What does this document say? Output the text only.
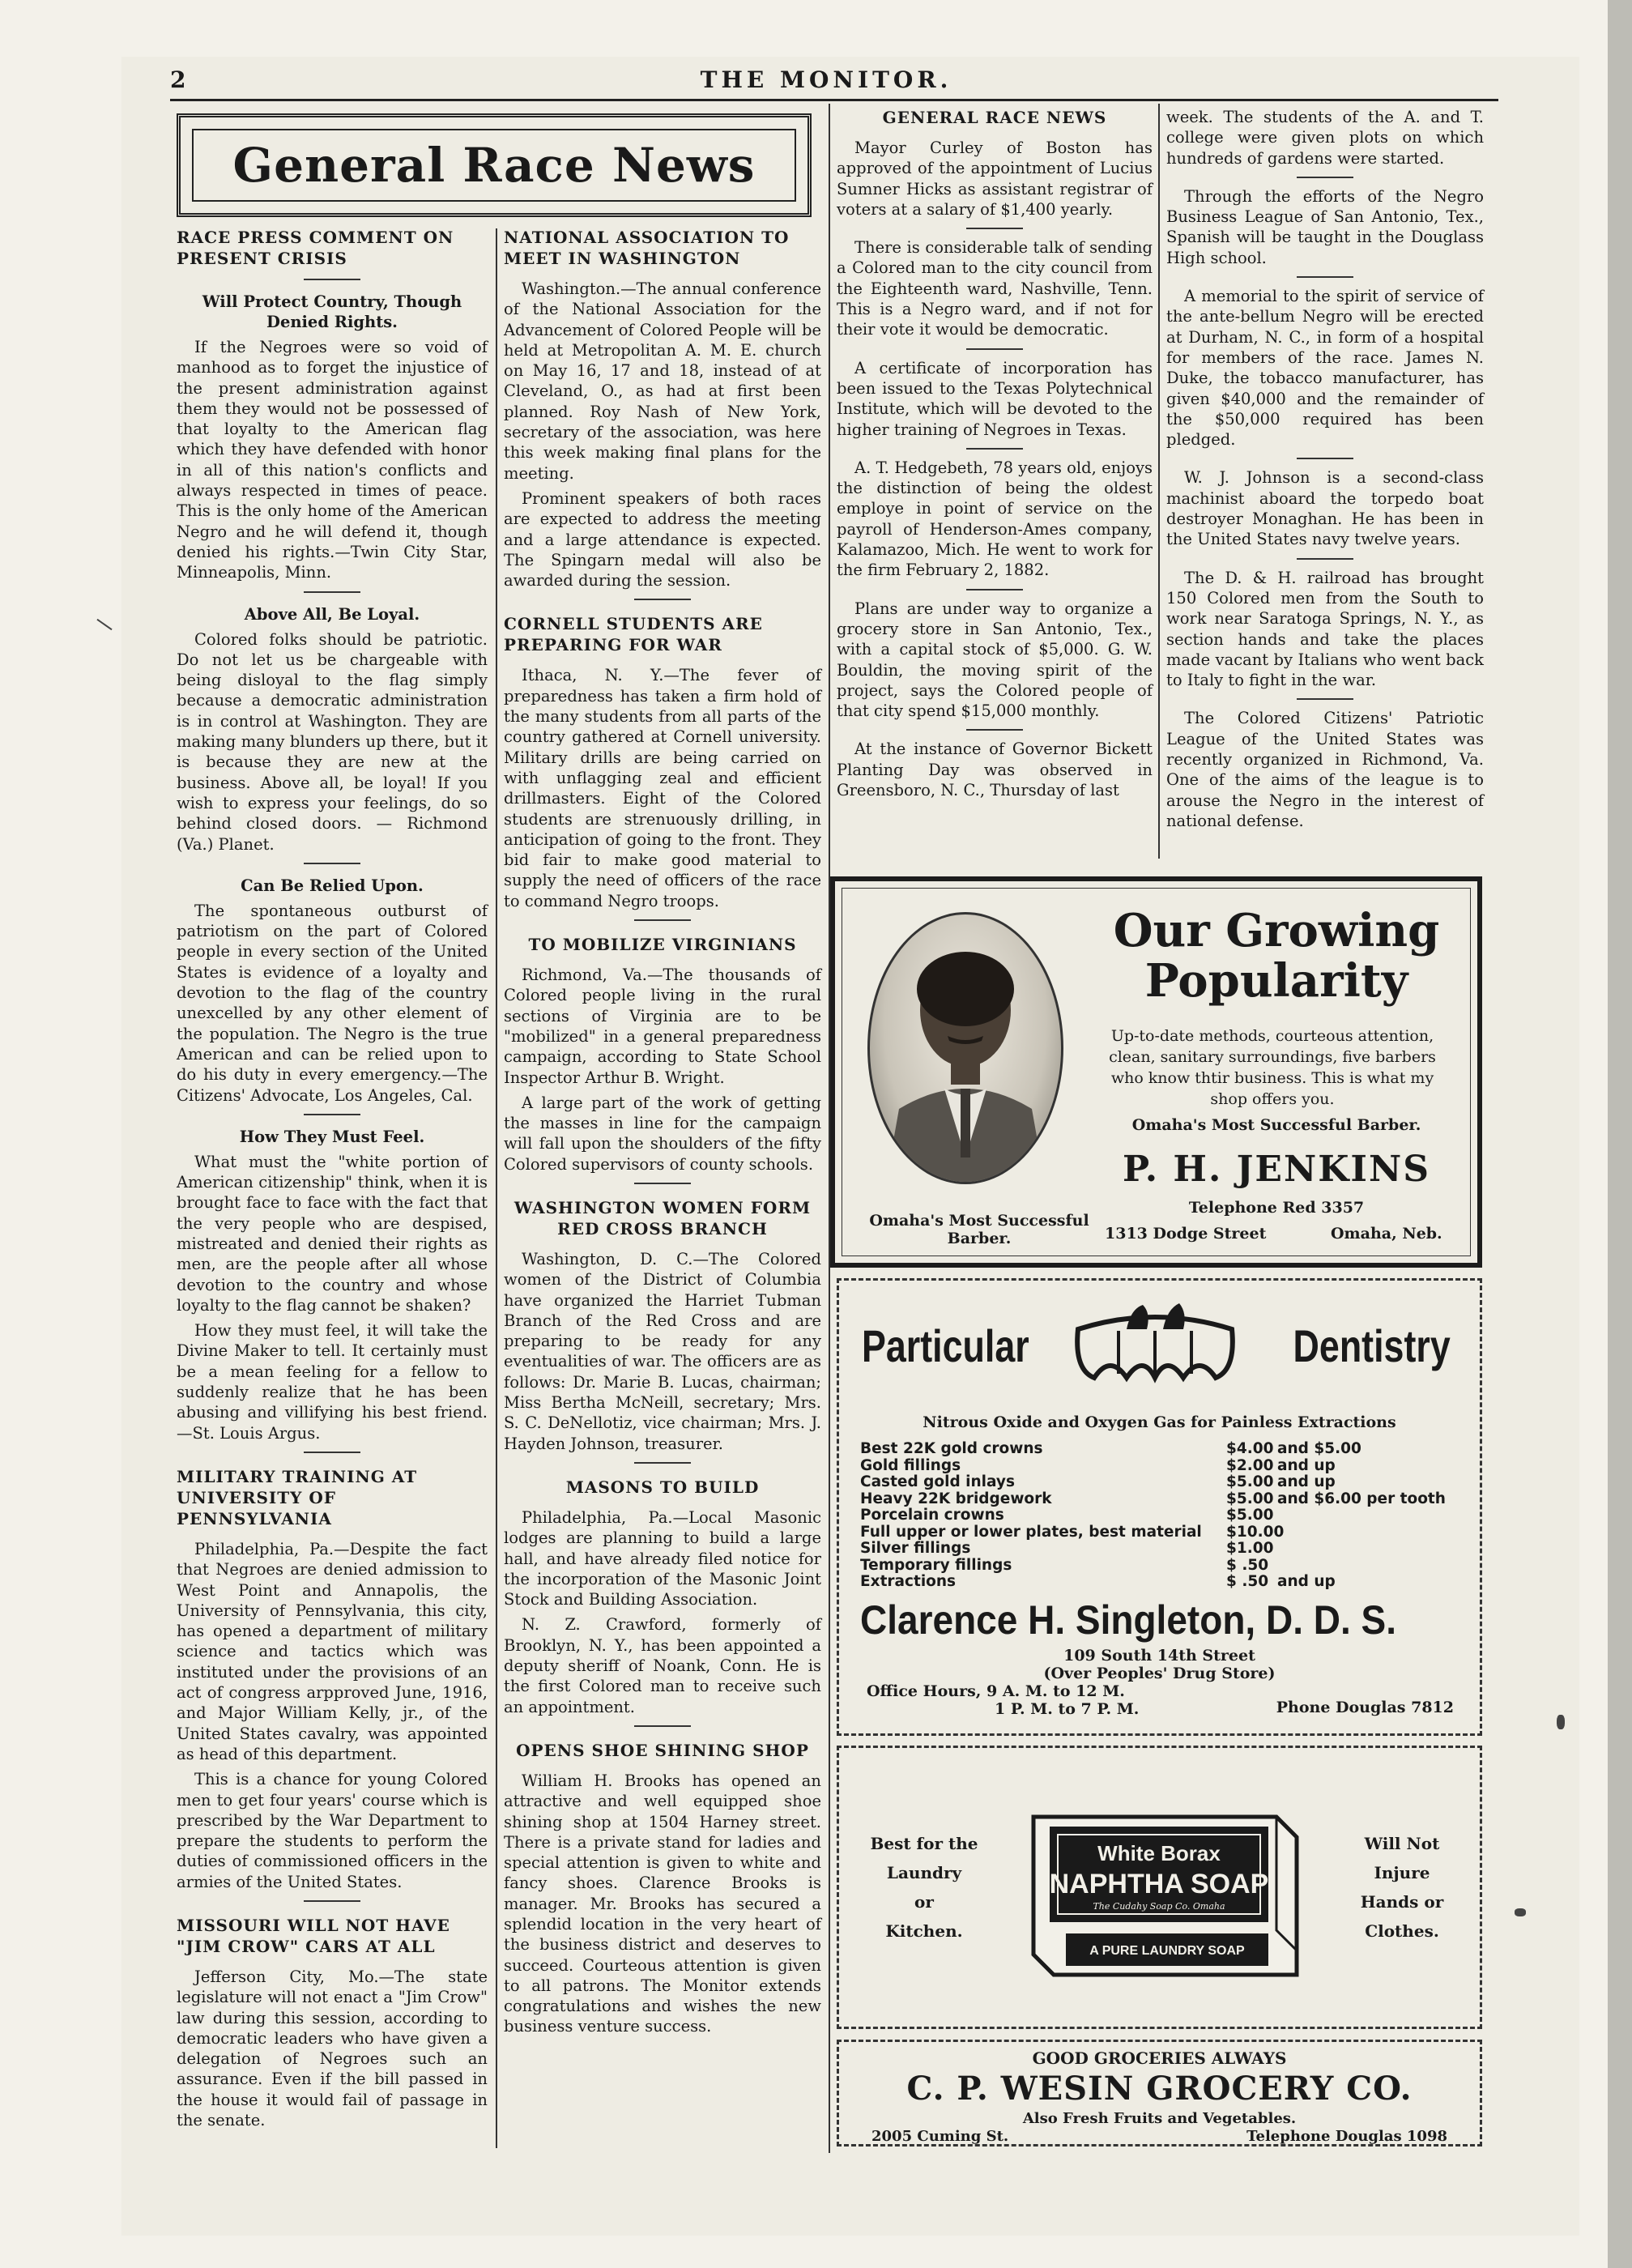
2	THE MONITOR.
General Race News
RACE PRESS COMMENT ON PRESENT CRISIS
Will Protect Country, Though Denied Rights.

If the Negroes were so void of manhood as to forget the injustice of the present administration against them they would not be possessed of that loyalty to the American flag which they have defended with honor in all of this nation's conflicts and always respected in times of peace. This is the only home of the American Negro and he will defend it, though denied his rights.—Twin City Star, Minneapolis, Minn.

Above All, Be Loyal.

Colored folks should be patriotic. Do not let us be chargeable with being disloyal to the flag simply because a democratic administration is in control at Washington. They are making many blunders up there, but it is because they are new at the business. Above all, be loyal! If you wish to express your feelings, do so behind closed doors. — Richmond (Va.) Planet.

Can Be Relied Upon.

The spontaneous outburst of patriotism on the part of Colored people in every section of the United States is evidence of a loyalty and devotion to the flag of the country unexcelled by any other element of the population. The Negro is the true American and can be relied upon to do his duty in every emergency.—The Citizens' Advocate, Los Angeles, Cal.

How They Must Feel.

What must the "white portion of American citizenship" think, when it is brought face to face with the fact that the very people who are despised, mistreated and denied their rights as men, are the people after all whose devotion to the country and whose loyalty to the flag cannot be shaken?

How they must feel, it will take the Divine Maker to tell. It certainly must be a mean feeling for a fellow to suddenly realize that he has been abusing and villifying his best friend.—St. Louis Argus.

MILITARY TRAINING AT UNIVERSITY OF PENNSYLVANIA

Philadelphia, Pa.—Despite the fact that Negroes are denied admission to West Point and Annapolis, the University of Pennsylvania, this city, has opened a department of military science and tactics which was instituted under the provisions of an act of congress arpproved June, 1916, and Major William Kelly, jr., of the United States cavalry, was appointed as head of this department.

This is a chance for young Colored men to get four years' course which is prescribed by the War Department to prepare the students to perform the duties of commissioned officers in the armies of the United States.

MISSOURI WILL NOT HAVE "JIM CROW" CARS AT ALL

Jefferson City, Mo.—The state legislature will not enact a "Jim Crow" law during this session, according to democratic leaders who have given a delegation of Negroes such an assurance. Even if the bill passed in the house it would fail of passage in the senate.

NATIONAL ASSOCIATION TO MEET IN WASHINGTON

Washington.—The annual conference of the National Association for the Advancement of Colored People will be held at Metropolitan A. M. E. church on May 16, 17 and 18, instead of at Cleveland, O., as had at first been planned. Roy Nash of New York, secretary of the association, was here this week making final plans for the meeting.

Prominent speakers of both races are expected to address the meeting and a large attendance is expected. The Spingarn medal will also be awarded during the session.

CORNELL STUDENTS ARE PREPARING FOR WAR

Ithaca, N. Y.—The fever of preparedness has taken a firm hold of the many students from all parts of the country gathered at Cornell university. Military drills are being carried on with unflagging zeal and efficient drillmasters. Eight of the Colored students are strenuously drilling, in anticipation of going to the front. They bid fair to make good material to supply the need of officers of the race to command Negro troops.

TO MOBILIZE VIRGINIANS

Richmond, Va.—The thousands of Colored people living in the rural sections of Virginia are to be "mobilized" in a general preparedness campaign, according to State School Inspector Arthur B. Wright.

A large part of the work of getting the masses in line for the campaign will fall upon the shoulders of the fifty Colored supervisors of county schools.

WASHINGTON WOMEN FORM RED CROSS BRANCH

Washington, D. C.—The Colored women of the District of Columbia have organized the Harriet Tubman Branch of the Red Cross and are preparing to be ready for any eventualities of war. The officers are as follows: Dr. Marie B. Lucas, chairman; Miss Bertha McNeill, secretary; Mrs. S. C. DeNellotiz, vice chairman; Mrs. J. Hayden Johnson, treasurer.

MASONS TO BUILD

Philadelphia, Pa.—Local Masonic lodges are planning to build a large hall, and have already filed notice for the incorporation of the Masonic Joint Stock and Building Association.

N. Z. Crawford, formerly of Brooklyn, N. Y., has been appointed a deputy sheriff of Noank, Conn. He is the first Colored man to receive such an appointment.

OPENS SHOE SHINING SHOP

William H. Brooks has opened an attractive and well equipped shoe shining shop at 1504 Harney street. There is a private stand for ladies and special attention is given to white and fancy shoes. Clarence Brooks is manager. Mr. Brooks has secured a splendid location in the very heart of the business district and deserves to succeed. Courteous attention is given to all patrons. The Monitor extends congratulations and wishes the new business venture success.

GENERAL RACE NEWS

Mayor Curley of Boston has approved of the appointment of Lucius Sumner Hicks as assistant registrar of voters at a salary of $1,400 yearly.

There is considerable talk of sending a Colored man to the city council from the Eighteenth ward, Nashville, Tenn. This is a Negro ward, and if not for their vote it would be democratic.

A certificate of incorporation has been issued to the Texas Polytechnical Institute, which will be devoted to the higher training of Negroes in Texas.

A. T. Hedgebeth, 78 years old, enjoys the distinction of being the oldest employe in point of service on the payroll of Henderson-Ames company, Kalamazoo, Mich. He went to work for the firm February 2, 1882.

Plans are under way to organize a grocery store in San Antonio, Tex., with a capital stock of $5,000. G. W. Bouldin, the moving spirit of the project, says the Colored people of that city spend $15,000 monthly.

At the instance of Governor Bickett Planting Day was observed in Greensboro, N. C., Thursday of last

week. The students of the A. and T. college were given plots on which hundreds of gardens were started.

Through the efforts of the Negro Business League of San Antonio, Tex., Spanish will be taught in the Douglass High school.

A memorial to the spirit of service of the ante-bellum Negro will be erected at Durham, N. C., in form of a hospital for members of the race. James N. Duke, the tobacco manufacturer, has given $40,000 and the remainder of the $50,000 required has been pledged.

W. J. Johnson is a second-class machinist aboard the torpedo boat destroyer Monaghan. He has been in the United States navy twelve years.

The D. & H. railroad has brought 150 Colored men from the South to work near Saratoga Springs, N. Y., as section hands and take the places made vacant by Italians who went back to Italy to fight in the war.

The Colored Citizens' Patriotic League of the United States was recently organized in Richmond, Va. One of the aims of the league is to arouse the Negro in the interest of national defense.

Our Growing
Popularity
Up-to-date methods, courteous attention, clean, sanitary surroundings, five barbers who know thtir business. This is what my shop offers you.
Omaha's Most Successful Barber.
P. H. JENKINS
Telephone Red 3357
1313 Dodge Street	Omaha, Neb.
Omaha's Most Successful Barber.
Particular	Dentistry
Nitrous Oxide and Oxygen Gas for Painless Extractions
Best 22K gold crowns	$4.00 and $5.00
Gold fillings	$2.00 and up
Casted gold inlays	$5.00 and up
Heavy 22K bridgework	$5.00 and $6.00 per tooth
Porcelain crowns	$5.00
Full upper or lower plates, best material $10.00
Silver fillings	$1.00
Temporary fillings	$ .50
Extractions	$ .50 and up
Clarence H. Singleton, D. D. S.
109 South 14th Street
(Over Peoples' Drug Store)
Office Hours, 9 A. M. to 12 M.
1 P. M. to 7 P. M.	Phone Douglas 7812
Best for the
Laundry
or
Kitchen.
White Borax
NAPHTHA SOAP
The Cudahy Soap Co. Omaha
A PURE LAUNDRY SOAP
Will Not
Injure
Hands or
Clothes.
GOOD GROCERIES ALWAYS
C. P. WESIN GROCERY CO.
Also Fresh Fruits and Vegetables.
2005 Cuming St.	Telephone Douglas 1098
